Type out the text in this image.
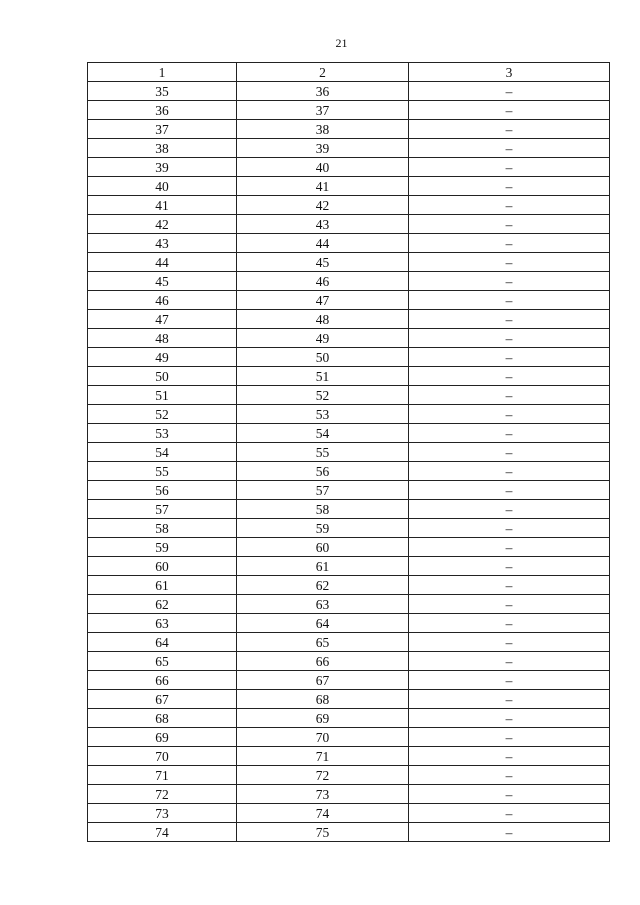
21
1	2	3
35	36	–
36	37	–
37	38	–
38	39	–
39	40	–
40	41	–
41	42	–
42	43	–
43	44	–
44	45	–
45	46	–
46	47	–
47	48	–
48	49	–
49	50	–
50	51	–
51	52	–
52	53	–
53	54	–
54	55	–
55	56	–
56	57	–
57	58	–
58	59	–
59	60	–
60	61	–
61	62	–
62	63	–
63	64	–
64	65	–
65	66	–
66	67	–
67	68	–
68	69	–
69	70	–
70	71	–
71	72	–
72	73	–
73	74	–
74	75	–
